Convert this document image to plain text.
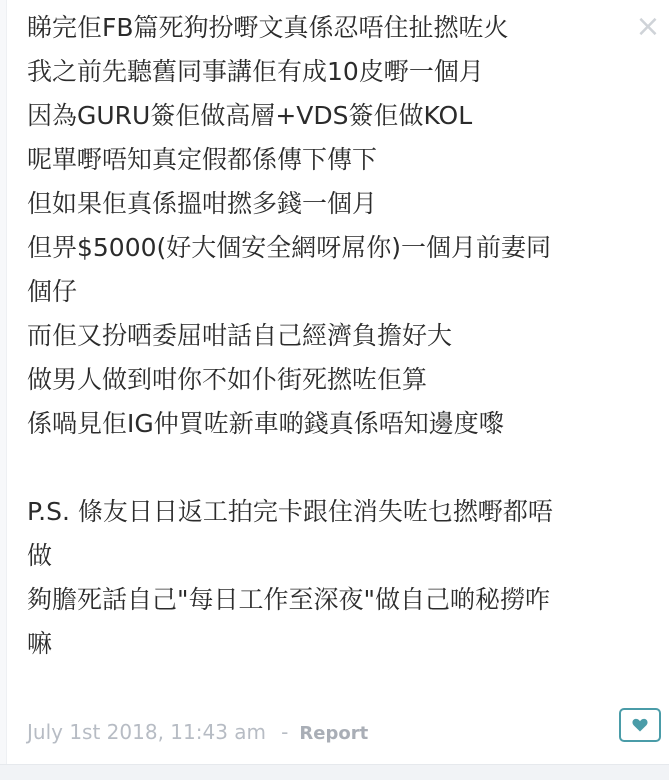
×
睇完佢FB篇死狗扮嘢文真係忍唔住扯撚咗火
我之前先聽舊同事講佢有成10皮嘢一個月
因為GURU簽佢做高層+VDS簽佢做KOL
呢單嘢唔知真定假都係傳下傳下
但如果佢真係搵咁撚多錢一個月
但畀$5000(好大個安全網呀屌你)一個月前妻同
個仔
而佢又扮哂委屈咁話自己經濟負擔好大
做男人做到咁你不如仆街死撚咗佢算
係喎見佢IG仲買咗新車啲錢真係唔知邊度嚟
P.S. 條友日日返工拍完卡跟住消失咗乜撚嘢都唔
做
夠膽死話自己"每日工作至深夜"做自己啲秘撈咋
嘛
July 1st 2018, 11:43 am - Report
